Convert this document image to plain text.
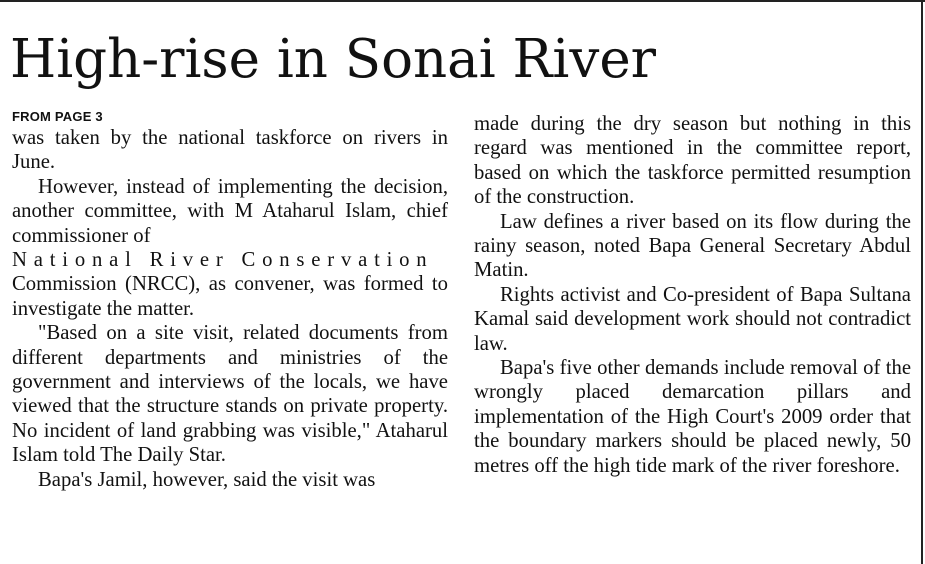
High-rise in Sonai River
FROM PAGE 3

was taken by the national taskforce on rivers in June.

However, instead of implementing the decision, another committee, with M Ataharul Islam, chief commissioner of

National River Conservation

Commission (NRCC), as convener, was formed to investigate the matter.

"Based on a site visit, related documents from different departments and ministries of the government and interviews of the locals, we have viewed that the structure stands on private property. No incident of land grabbing was visible," Ataharul Islam told The Daily Star.

Bapa's Jamil, however, said the visit was

made during the dry season but nothing in this regard was mentioned in the committee report, based on which the taskforce permitted resumption of the construction.

Law defines a river based on its flow during the rainy season, noted Bapa General Secretary Abdul Matin.

Rights activist and Co-president of Bapa Sultana Kamal said development work should not contradict law.

Bapa's five other demands include removal of the wrongly placed demarcation pillars and implementation of the High Court's 2009 order that the boundary markers should be placed newly, 50 metres off the high tide mark of the river foreshore.
